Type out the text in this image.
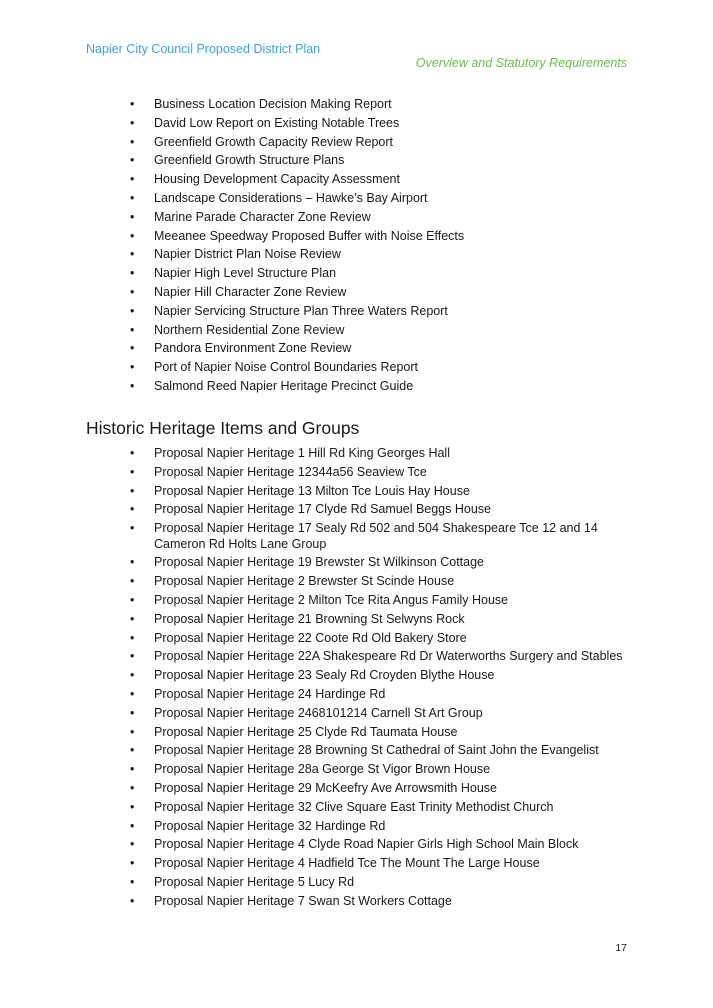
Napier City Council Proposed District Plan
Overview and Statutory Requirements
• Business Location Decision Making Report
• David Low Report on Existing Notable Trees
• Greenfield Growth Capacity Review Report
• Greenfield Growth Structure Plans
• Housing Development Capacity Assessment
• Landscape Considerations – Hawke’s Bay Airport
• Marine Parade Character Zone Review
• Meeanee Speedway Proposed Buffer with Noise Effects
• Napier District Plan Noise Review
• Napier High Level Structure Plan
• Napier Hill Character Zone Review
• Napier Servicing Structure Plan Three Waters Report
• Northern Residential Zone Review
• Pandora Environment Zone Review
• Port of Napier Noise Control Boundaries Report
• Salmond Reed Napier Heritage Precinct Guide
Historic Heritage Items and Groups
• Proposal Napier Heritage 1 Hill Rd King Georges Hall
• Proposal Napier Heritage 12344a56 Seaview Tce
• Proposal Napier Heritage 13 Milton Tce Louis Hay House
• Proposal Napier Heritage 17 Clyde Rd Samuel Beggs House
• Proposal Napier Heritage 17 Sealy Rd 502 and 504 Shakespeare Tce 12 and 14 Cameron Rd Holts Lane Group
• Proposal Napier Heritage 19 Brewster St Wilkinson Cottage
• Proposal Napier Heritage 2 Brewster St Scinde House
• Proposal Napier Heritage 2 Milton Tce Rita Angus Family House
• Proposal Napier Heritage 21 Browning St Selwyns Rock
• Proposal Napier Heritage 22 Coote Rd Old Bakery Store
• Proposal Napier Heritage 22A Shakespeare Rd Dr Waterworths Surgery and Stables
• Proposal Napier Heritage 23 Sealy Rd Croyden Blythe House
• Proposal Napier Heritage 24 Hardinge Rd
• Proposal Napier Heritage 2468101214 Carnell St Art Group
• Proposal Napier Heritage 25 Clyde Rd Taumata House
• Proposal Napier Heritage 28 Browning St Cathedral of Saint John the Evangelist
• Proposal Napier Heritage 28a George St Vigor Brown House
• Proposal Napier Heritage 29 McKeefry Ave Arrowsmith House
• Proposal Napier Heritage 32 Clive Square East Trinity Methodist Church
• Proposal Napier Heritage 32 Hardinge Rd
• Proposal Napier Heritage 4 Clyde Road Napier Girls High School Main Block
• Proposal Napier Heritage 4 Hadfield Tce The Mount The Large House
• Proposal Napier Heritage 5 Lucy Rd
• Proposal Napier Heritage 7 Swan St Workers Cottage
17
